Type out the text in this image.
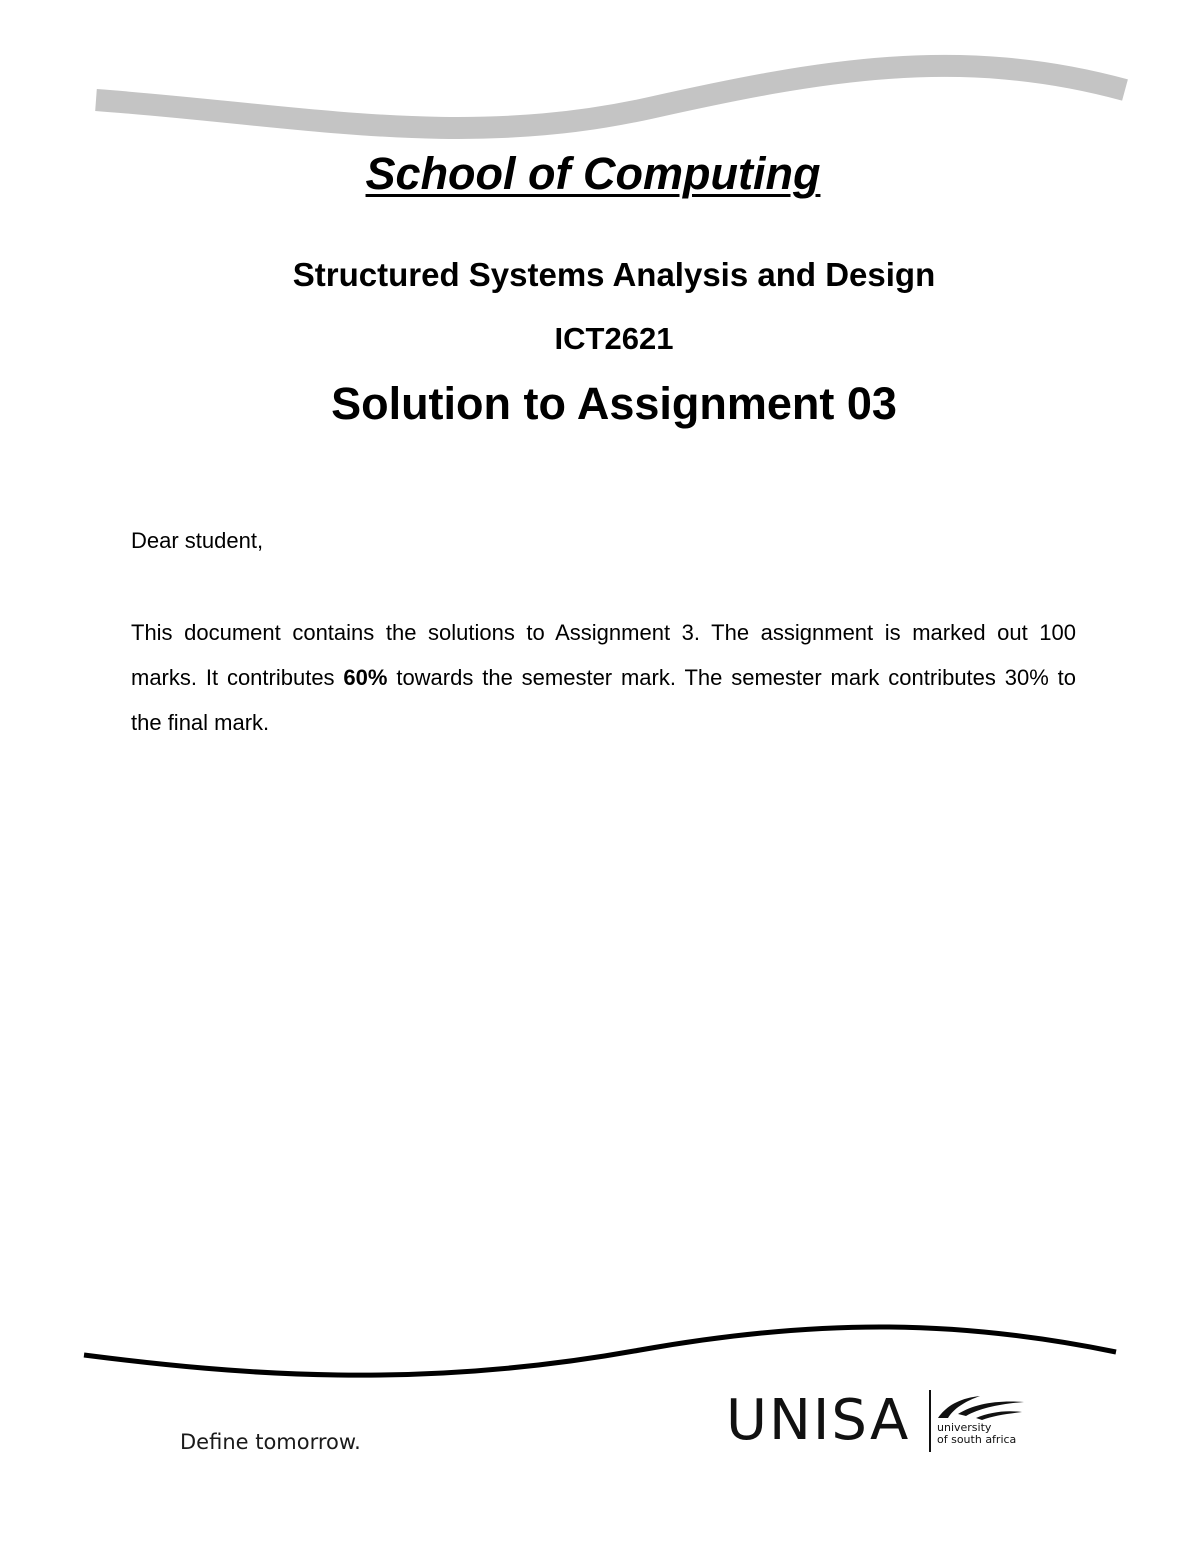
School of Computing
Structured Systems Analysis and Design
ICT2621
Solution to Assignment 03

Dear student,

This document contains the solutions to Assignment 3. The assignment is marked out 100 marks. It contributes 60% towards the semester mark. The semester mark contributes 30% to the final mark.

Define tomorrow.	UNISA university
of south africa
